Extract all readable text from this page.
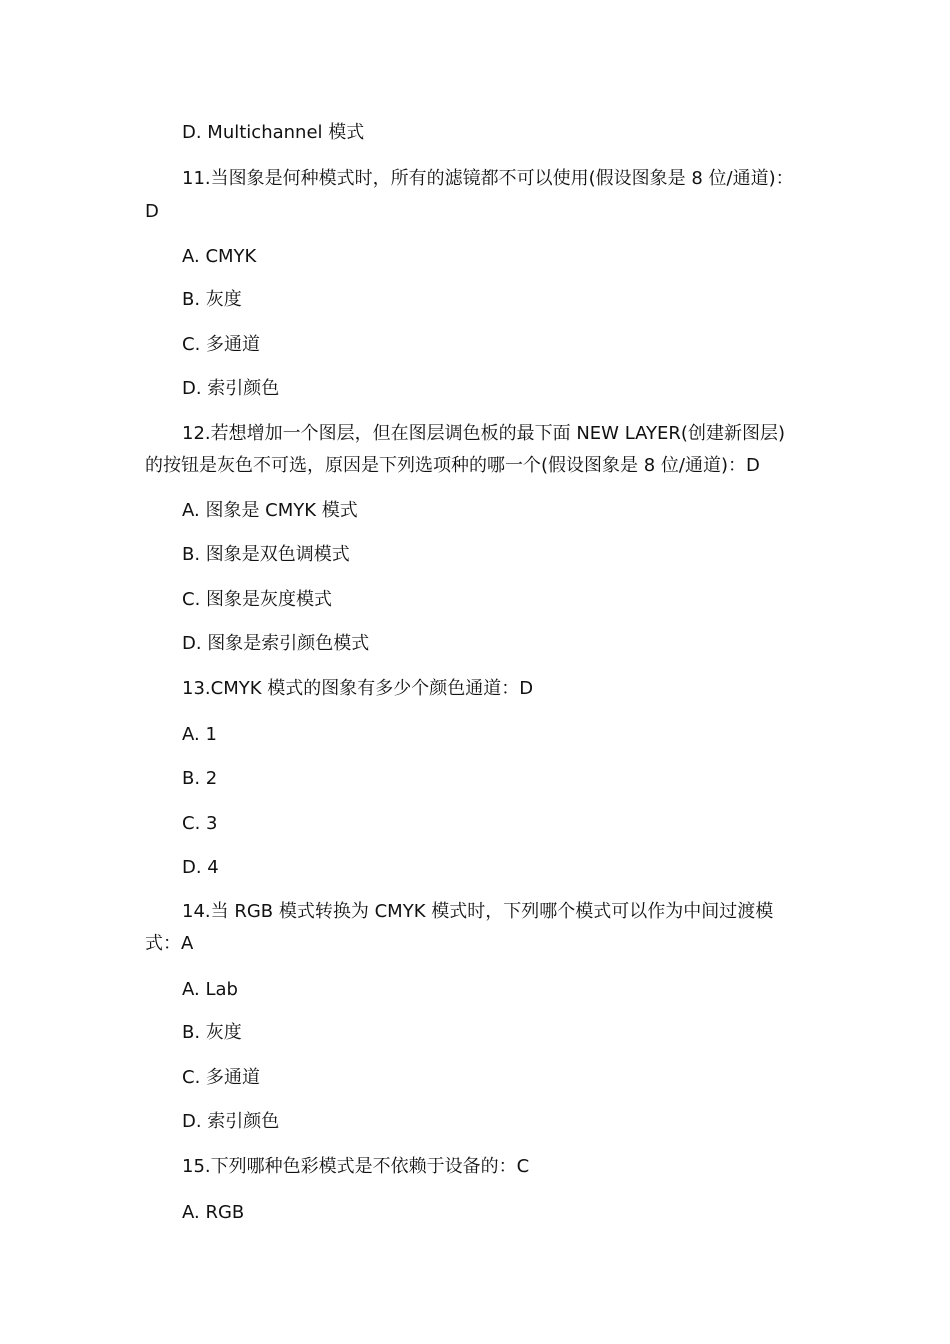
D. Multichannel 模式
11.当图象是何种模式时，所有的滤镜都不可以使用(假设图象是 8 位/通道)：
D
A. CMYK
B. 灰度
C. 多通道
D. 索引颜色
12.若想增加一个图层，但在图层调色板的最下面 NEW LAYER(创建新图层)
的按钮是灰色不可选，原因是下列选项种的哪一个(假设图象是 8 位/通道)：D
A. 图象是 CMYK 模式
B. 图象是双色调模式
C. 图象是灰度模式
D. 图象是索引颜色模式
13.CMYK 模式的图象有多少个颜色通道：D
A. 1
B. 2
C. 3
D. 4
14.当 RGB 模式转换为 CMYK 模式时，下列哪个模式可以作为中间过渡模
式：A
A. Lab
B. 灰度
C. 多通道
D. 索引颜色
15.下列哪种色彩模式是不依赖于设备的：C
A. RGB
